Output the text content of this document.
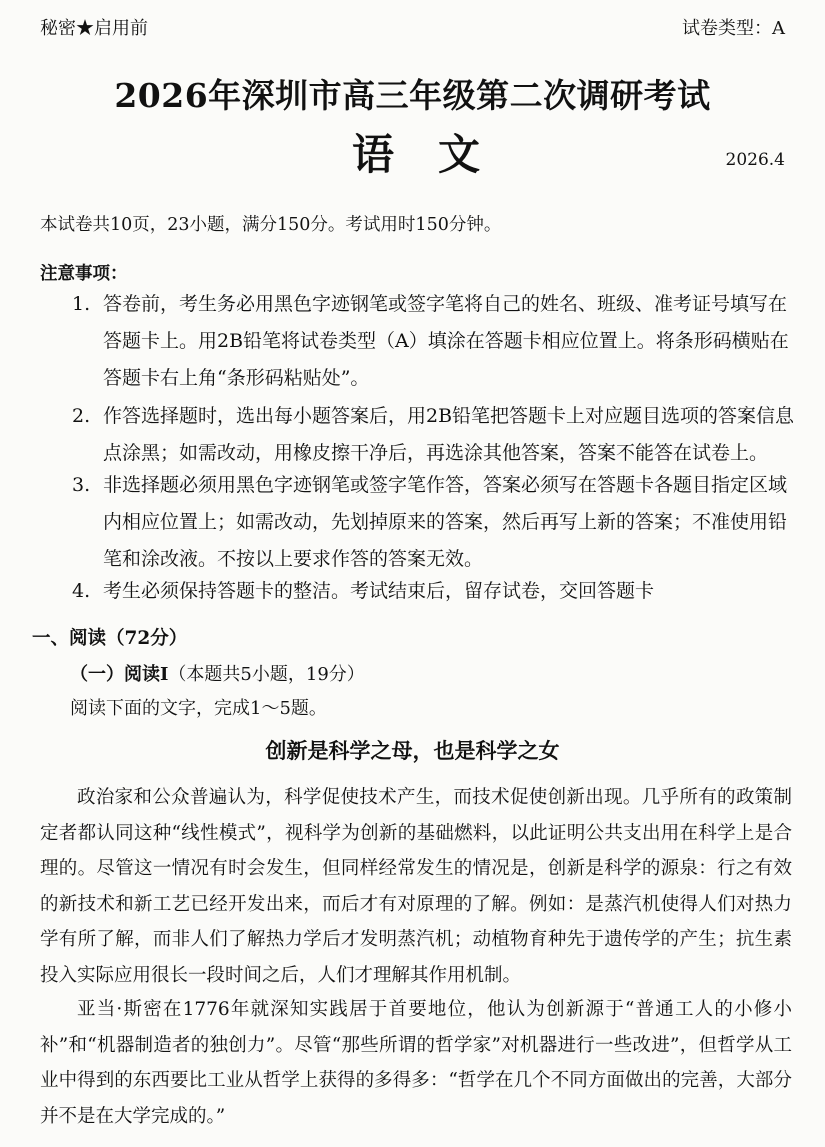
秘密★启用前	试卷类型：A
2026年深圳市高三年级第二次调研考试
语文	2026.4
本试卷共10页，23小题，满分150分。考试用时150分钟。
注意事项：
1. 答卷前，考生务必用黑色字迹钢笔或签字笔将自己的姓名、班级、准考证号填写在答题卡上。用2B铅笔将试卷类型（A）填涂在答题卡相应位置上。将条形码横贴在答题卡右上角“条形码粘贴处”。
2. 作答选择题时，选出每小题答案后，用2B铅笔把答题卡上对应题目选项的答案信息点涂黑；如需改动，用橡皮擦干净后，再选涂其他答案，答案不能答在试卷上。
3. 非选择题必须用黑色字迹钢笔或签字笔作答，答案必须写在答题卡各题目指定区域内相应位置上；如需改动，先划掉原来的答案，然后再写上新的答案；不准使用铅笔和涂改液。不按以上要求作答的答案无效。
4. 考生必须保持答题卡的整洁。考试结束后，留存试卷，交回答题卡
一、阅读（72分）
（一）阅读Ⅰ（本题共5小题，19分）
阅读下面的文字，完成1～5题。
创新是科学之母，也是科学之女
政治家和公众普遍认为，科学促使技术产生，而技术促使创新出现。几乎所有的政策制定者都认同这种“线性模式”，视科学为创新的基础燃料，以此证明公共支出用在科学上是合理的。尽管这一情况有时会发生，但同样经常发生的情况是，创新是科学的源泉：行之有效的新技术和新工艺已经开发出来，而后才有对原理的了解。例如：是蒸汽机使得人们对热力学有所了解，而非人们了解热力学后才发明蒸汽机；动植物育种先于遗传学的产生；抗生素投入实际应用很长一段时间之后，人们才理解其作用机制。
亚当·斯密在1776年就深知实践居于首要地位，他认为创新源于“普通工人的小修小补”和“机器制造者的独创力”。尽管“那些所谓的哲学家”对机器进行一些改进”，但哲学从工业中得到的东西要比工业从哲学上获得的多得多：“哲学在几个不同方面做出的完善，大部分并不是在大学完成的。”
